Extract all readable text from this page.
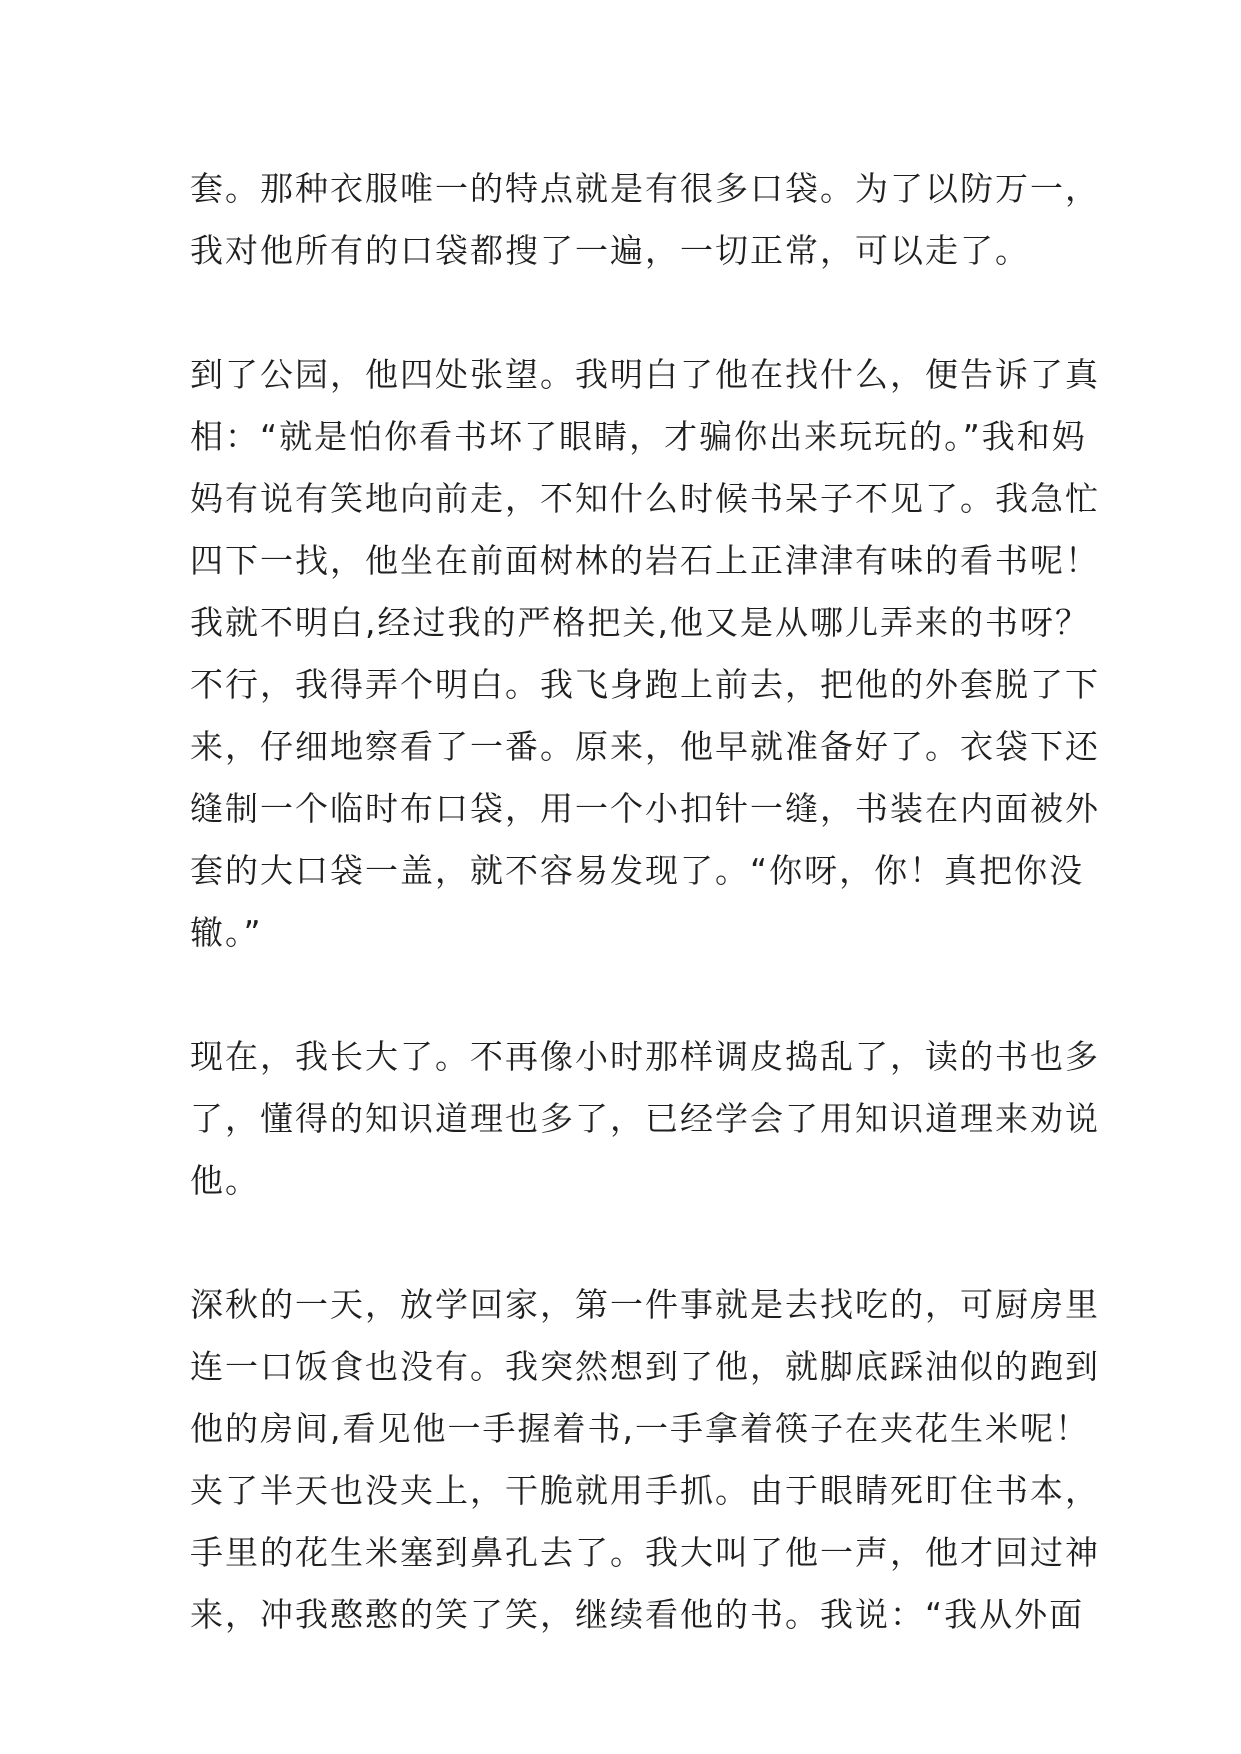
套。那种衣服唯一的特点就是有很多口袋。为了以防万一，
我对他所有的口袋都搜了一遍，一切正常，可以走了。
到了公园，他四处张望。我明白了他在找什么，便告诉了真
相：“就是怕你看书坏了眼睛，才骗你出来玩玩的。”我和妈
妈有说有笑地向前走，不知什么时候书呆子不见了。我急忙
四下一找，他坐在前面树林的岩石上正津津有味的看书呢！
我就不明白,经过我的严格把关,他又是从哪儿弄来的书呀？
不行，我得弄个明白。我飞身跑上前去，把他的外套脱了下
来，仔细地察看了一番。原来，他早就准备好了。衣袋下还
缝制一个临时布口袋，用一个小扣针一缝，书装在内面被外
套的大口袋一盖，就不容易发现了。“你呀，你！真把你没
辙。”
现在，我长大了。不再像小时那样调皮捣乱了，读的书也多
了，懂得的知识道理也多了，已经学会了用知识道理来劝说
他。
深秋的一天，放学回家，第一件事就是去找吃的，可厨房里
连一口饭食也没有。我突然想到了他，就脚底踩油似的跑到
他的房间,看见他一手握着书,一手拿着筷子在夹花生米呢！
夹了半天也没夹上，干脆就用手抓。由于眼睛死盯住书本，
手里的花生米塞到鼻孔去了。我大叫了他一声，他才回过神
来，冲我憨憨的笑了笑，继续看他的书。我说：“我从外面
